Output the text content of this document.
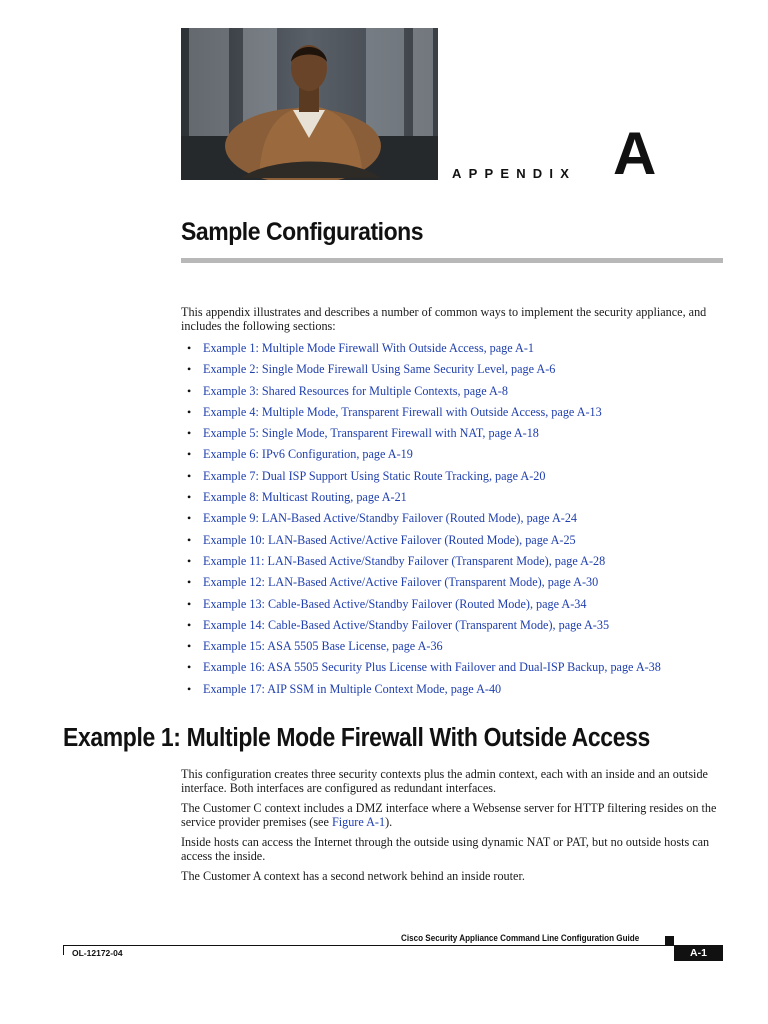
APPENDIX A
Sample Configurations
This appendix illustrates and describes a number of common ways to implement the security appliance, and includes the following sections:
• Example 1: Multiple Mode Firewall With Outside Access, page A-1
• Example 2: Single Mode Firewall Using Same Security Level, page A-6
• Example 3: Shared Resources for Multiple Contexts, page A-8
• Example 4: Multiple Mode, Transparent Firewall with Outside Access, page A-13
• Example 5: Single Mode, Transparent Firewall with NAT, page A-18
• Example 6: IPv6 Configuration, page A-19
• Example 7: Dual ISP Support Using Static Route Tracking, page A-20
• Example 8: Multicast Routing, page A-21
• Example 9: LAN-Based Active/Standby Failover (Routed Mode), page A-24
• Example 10: LAN-Based Active/Active Failover (Routed Mode), page A-25
• Example 11: LAN-Based Active/Standby Failover (Transparent Mode), page A-28
• Example 12: LAN-Based Active/Active Failover (Transparent Mode), page A-30
• Example 13: Cable-Based Active/Standby Failover (Routed Mode), page A-34
• Example 14: Cable-Based Active/Standby Failover (Transparent Mode), page A-35
• Example 15: ASA 5505 Base License, page A-36
• Example 16: ASA 5505 Security Plus License with Failover and Dual-ISP Backup, page A-38
• Example 17: AIP SSM in Multiple Context Mode, page A-40
Example 1: Multiple Mode Firewall With Outside Access

This configuration creates three security contexts plus the admin context, each with an inside and an outside interface. Both interfaces are configured as redundant interfaces.

The Customer C context includes a DMZ interface where a Websense server for HTTP filtering resides on the service provider premises (see Figure A-1).

Inside hosts can access the Internet through the outside using dynamic NAT or PAT, but no outside hosts can access the inside.

The Customer A context has a second network behind an inside router.

Cisco Security Appliance Command Line Configuration Guide
OL-12172-04	A-1
